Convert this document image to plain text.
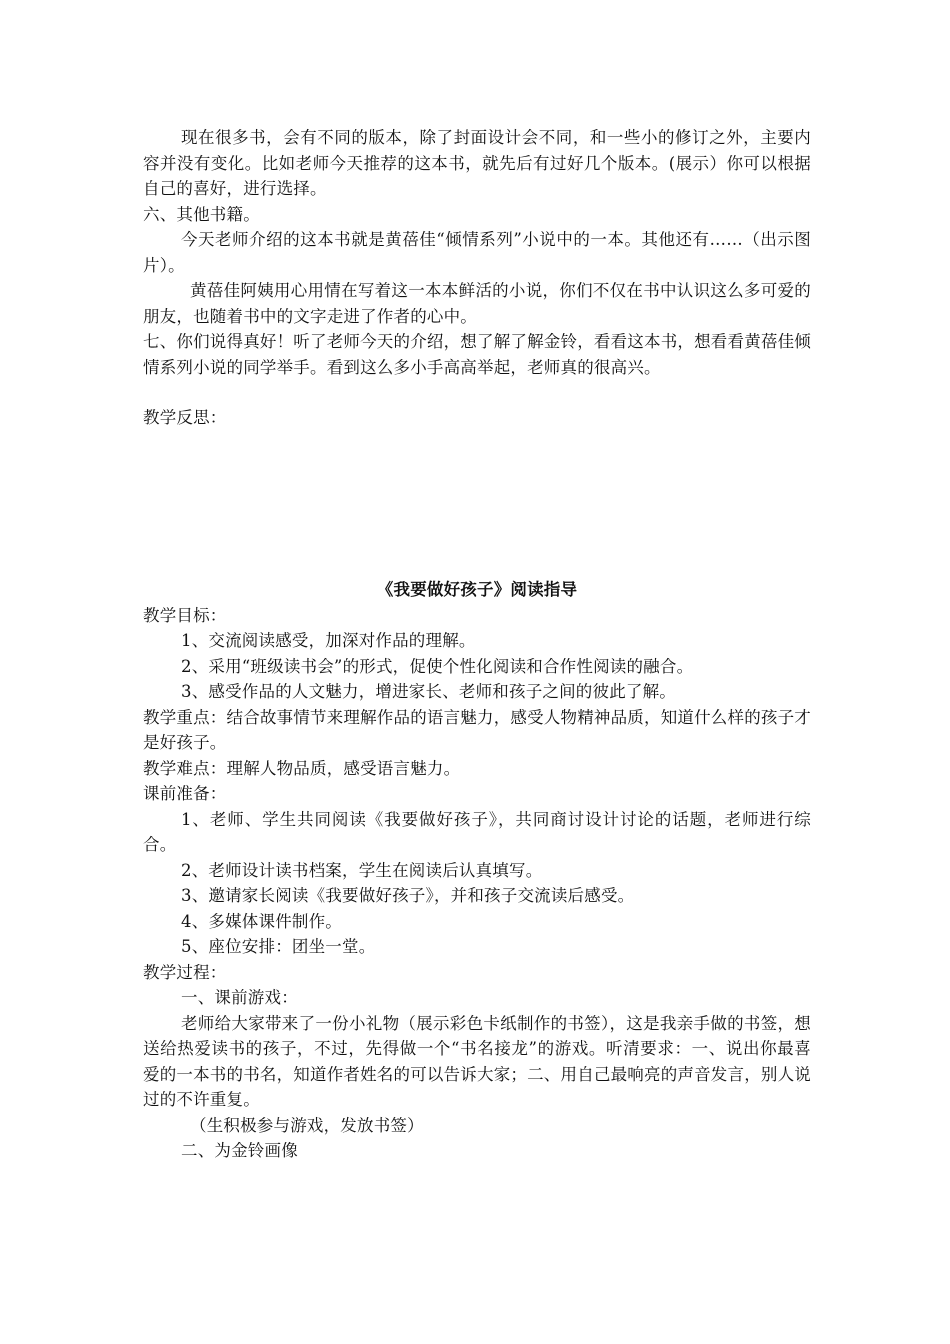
现在很多书，会有不同的版本，除了封面设计会不同，和一些小的修订之外，主要内容并没有变化。比如老师今天推荐的这本书，就先后有过好几个版本。(展示）你可以根据自己的喜好，进行选择。

六、其他书籍。

今天老师介绍的这本书就是黄蓓佳“倾情系列”小说中的一本。其他还有……（出示图片）。

黄蓓佳阿姨用心用情在写着这一本本鲜活的小说，你们不仅在书中认识这么多可爱的朋友，也随着书中的文字走进了作者的心中。

七、你们说得真好！听了老师今天的介绍，想了解了解金铃，看看这本书，想看看黄蓓佳倾情系列小说的同学举手。看到这么多小手高高举起，老师真的很高兴。

教学反思：

《我要做好孩子》阅读指导

教学目标：

1、交流阅读感受，加深对作品的理解。

2、采用“班级读书会”的形式，促使个性化阅读和合作性阅读的融合。

3、感受作品的人文魅力，增进家长、老师和孩子之间的彼此了解。

教学重点：结合故事情节来理解作品的语言魅力，感受人物精神品质，知道什么样的孩子才是好孩子。

教学难点：理解人物品质，感受语言魅力。

课前准备：

1、老师、学生共同阅读《我要做好孩子》，共同商讨设计讨论的话题，老师进行综合。

2、老师设计读书档案，学生在阅读后认真填写。

3、邀请家长阅读《我要做好孩子》，并和孩子交流读后感受。

4、多媒体课件制作。

5、座位安排：团坐一堂。

教学过程：

一、课前游戏：

老师给大家带来了一份小礼物（展示彩色卡纸制作的书签），这是我亲手做的书签，想送给热爱读书的孩子，不过，先得做一个“书名接龙”的游戏。听清要求：一、说出你最喜爱的一本书的书名，知道作者姓名的可以告诉大家；二、用自己最响亮的声音发言，别人说过的不许重复。

（生积极参与游戏，发放书签）

二、为金铃画像
